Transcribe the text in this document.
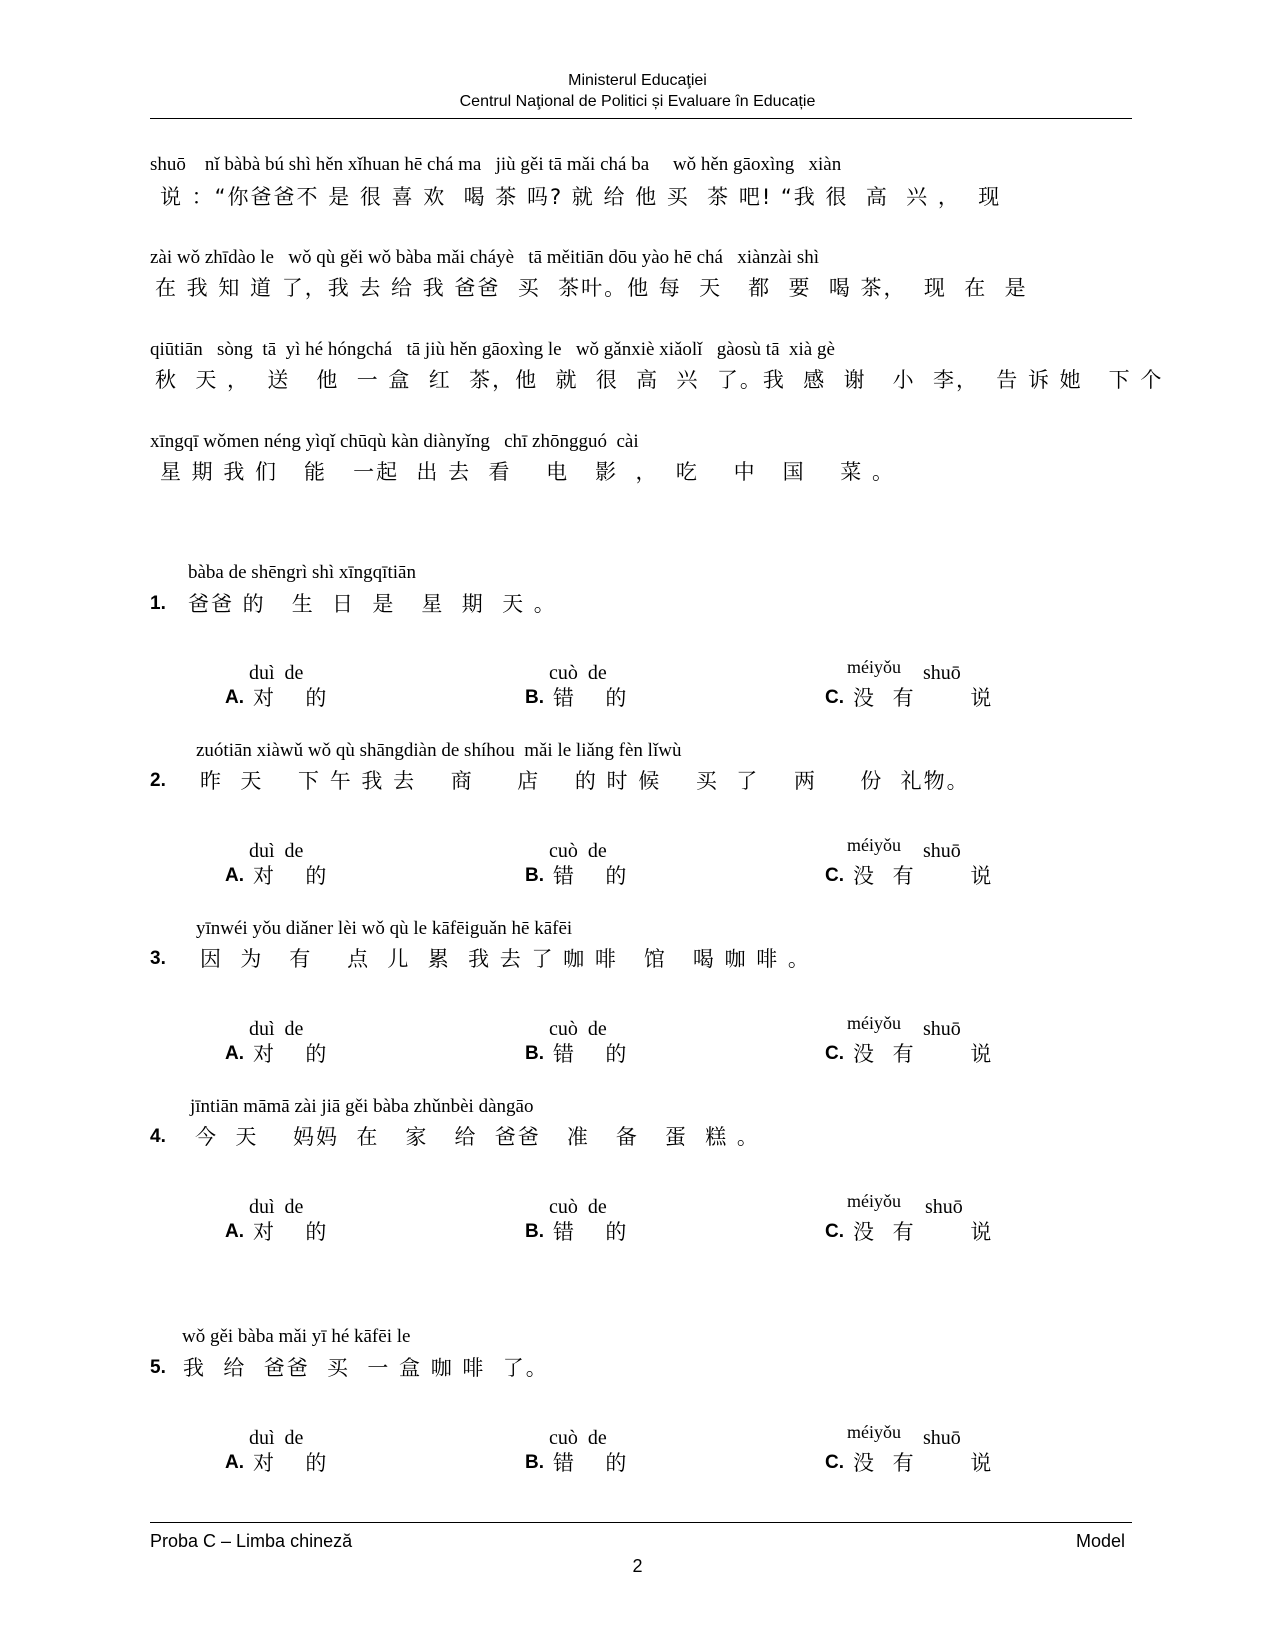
Ministerul Educaţiei
Centrul Naţional de Politici și Evaluare în Educație
shuō    nǐ bàbà bú shì hěn xǐhuan hē chá ma   jiù gěi tā mǎi chá ba     wǒ hěn gāoxìng   xiàn
说 ：“你爸爸不 是 很 喜 欢  喝 茶 吗? 就 给 他 买  茶 吧! “我 很  高  兴 ，  现
zài wǒ zhīdào le   wǒ qù gěi wǒ bàba mǎi cháyè   tā měitiān dōu yào hē chá   xiànzài shì
在 我 知 道 了，我 去 给 我 爸爸  买  茶叶。他 每  天   都  要  喝 茶，  现  在  是
qiūtiān   sòng  tā  yì hé hóngchá   tā jiù hěn gāoxìng le   wǒ gǎnxiè xiǎolǐ   gàosù tā  xià gè
秋  天 ，  送   他  一 盒  红  茶，他  就  很  高  兴  了。我  感  谢   小  李，  告 诉 她   下 个
xīngqī wǒmen néng yìqǐ chūqù kàn diànyǐng   chī zhōngguó  cài
星 期 我 们   能   一起  出 去  看    电   影  ，  吃    中   国    菜 。
bàba de shēngrì shì xīngqītiān
1. 爸爸 的   生  日  是   星  期  天 。
duì  de
A. 对  的
cuò  de
B. 错  的
méiyǒu shuō
C. 没 有    说
zuótiān xiàwǔ wǒ qù shāngdiàn de shíhou  mǎi le liǎng fèn lǐwù
2. 昨  天    下 午 我 去    商     店    的 时 候    买  了    两     份  礼物。
duì  de
A. 对  的
cuò  de
B. 错  的
méiyǒu shuō
C. 没 有    说
yīnwéi yǒu diǎner lèi wǒ qù le kāfēiguǎn hē kāfēi
3. 因  为   有    点  儿  累  我 去 了 咖 啡   馆   喝 咖 啡 。
duì  de
A. 对  的
cuò  de
B. 错  的
méiyǒu shuō
C. 没 有    说
jīntiān māmā zài jiā gěi bàba zhǔnbèi dàngāo
4. 今  天    妈妈  在   家   给  爸爸   准   备   蛋  糕 。
duì  de
A. 对  的
cuò  de
B. 错  的
méiyǒu shuō
C. 没 有    说
wǒ gěi bàba mǎi yī hé kāfēi le
5. 我  给  爸爸  买  一 盒 咖 啡  了。
duì  de
A. 对  的
cuò  de
B. 错  的
méiyǒu shuō
C. 没 有    说
Proba C – Limba chineză
2
Model
